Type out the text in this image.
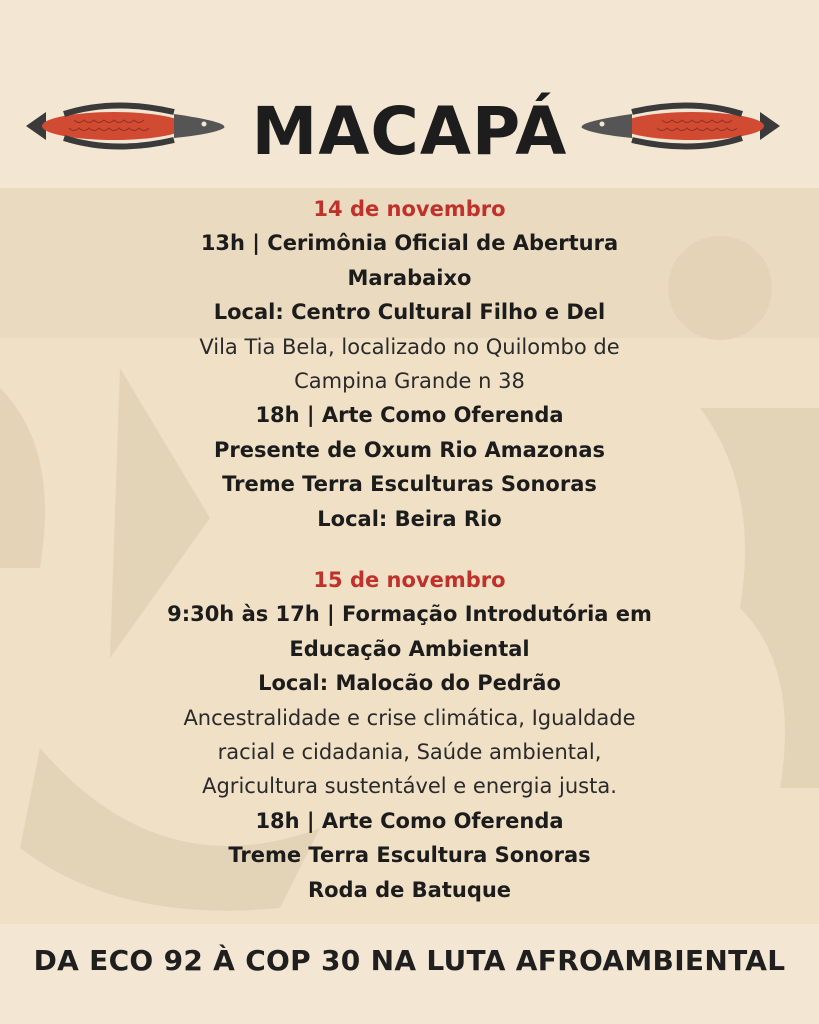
MACAPÁ
14 de novembro
13h | Cerimônia Oficial de Abertura
Marabaixo
Local: Centro Cultural Filho e Del
Vila Tia Bela, localizado no Quilombo de
Campina Grande n 38
18h | Arte Como Oferenda
Presente de Oxum Rio Amazonas
Treme Terra Esculturas Sonoras
Local: Beira Rio
15 de novembro
9:30h às 17h | Formação Introdutória em
Educação Ambiental
Local: Malocão do Pedrão
Ancestralidade e crise climática, Igualdade
racial e cidadania, Saúde ambiental,
Agricultura sustentável e energia justa.
18h | Arte Como Oferenda
Treme Terra Escultura Sonoras
Roda de Batuque
DA ECO 92 À COP 30 NA LUTA AFROAMBIENTAL
